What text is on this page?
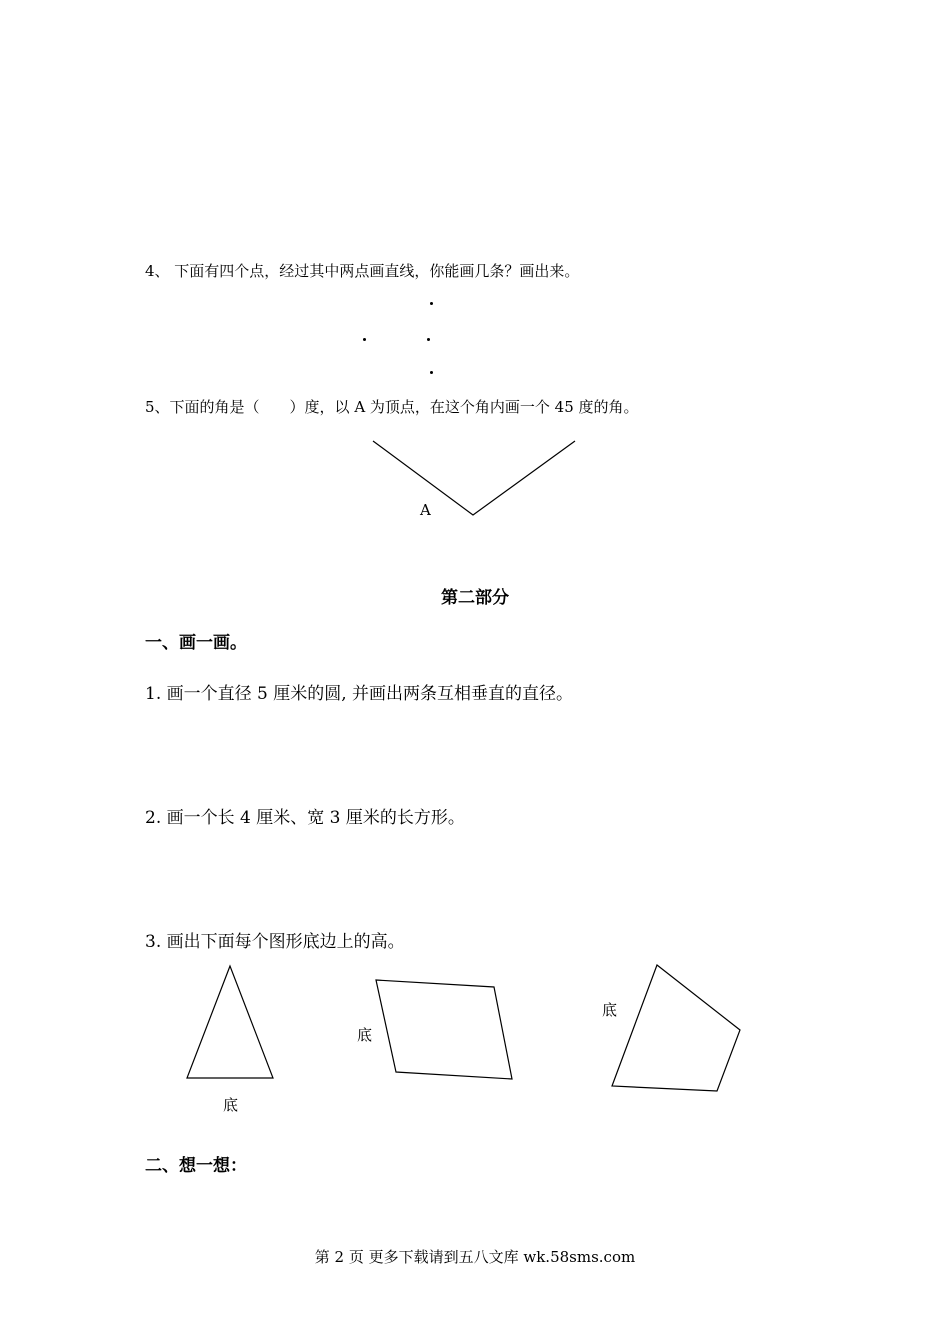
4、 下面有四个点，经过其中两点画直线，你能画几条？画出来。
5、下面的角是（　　）度，以 A 为顶点，在这个角内画一个 45 度的角。
A
第二部分
一、画一画。
1. 画一个直径 5 厘米的圆, 并画出两条互相垂直的直径。
2. 画一个长 4 厘米、宽 3 厘米的长方形。
3. 画出下面每个图形底边上的高。
底
底
底
二、想一想：
第 2 页 更多下载请到五八文库 wk.58sms.com
